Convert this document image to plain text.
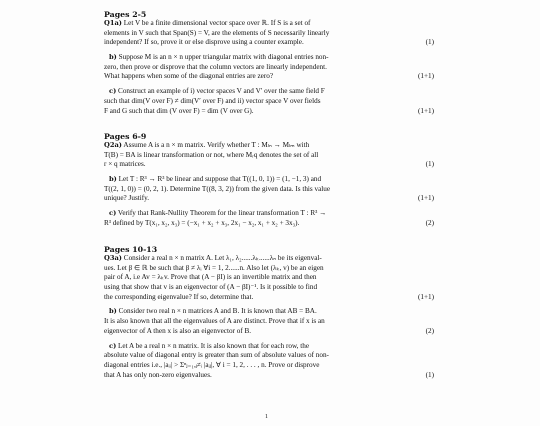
Pages 2-5
Q1a) Let V be a finite dimensional vector space over ℝ. If S is a set of
elements in V such that Span(S) = V, are the elements of S necessarily linearly
independent? If so, prove it or else disprove using a counter example.	(1)
b) Suppose M is an n × n upper triangular matrix with diagonal entries non-
zero, then prove or disprove that the column vectors are linearly independent.
What happens when some of the diagonal entries are zero?	(1+1)
c) Construct an example of i) vector spaces V and V′ over the same field F
such that dim(V over F) ≠ dim(V′ over F) and ii) vector space V over fields
F and G such that dim (V over F) = dim (V over G).	(1+1)
Pages 6-9
Q2a) Assume A is a n × m matrix. Verify whether T : Mₗₙ → Mₗₘ with
T(B) = BA is linear transformation or not, where Mᵣq denotes the set of all
r × q matrices.	(1)
b) Let T : R³ → R³ be linear and suppose that T((1, 0, 1)) = (1, −1, 3) and
T((2, 1, 0)) = (0, 2, 1). Determine T((8, 3, 2)) from the given data. Is this value
unique? Justify.	(1+1)
c) Verify that Rank-Nullity Theorem for the linear transformation T : R³ →
R³ defined by T(x₁, x₂, x₃) = (−x₁ + x₂ + x₃, 2x₁ − x₂, x₁ + x₂ + 3x₃).	(2)
Pages 10-13
Q3a) Consider a real n × n matrix A. Let λ₁, λ₂......λₖ......λₙ be its eigenval-
ues. Let β ∈ ℝ be such that β ≠ λᵢ ∀i = 1, 2......n. Also let (λₖ, v) be an eigen
pair of A, i.e Av = λₖv. Prove that (A − βI) is an invertible matrix and then
using that show that v is an eigenvector of (A − βI)⁻¹. Is it possible to find
the corresponding eigenvalue? If so, determine that.	(1+1)
b) Consider two real n × n matrices A and B. It is known that AB = BA.
It is also known that all the eigenvalues of A are distinct. Prove that if x is an
eigenvector of A then x is also an eigenvector of B.	(2)
c) Let A be a real n × n matrix. It is also known that for each row, the
absolute value of diagonal entry is greater than sum of absolute values of non-
diagonal entries i.e., |aᵢᵢ| > Σⁿⱼ₌₁,ⱼ≠ᵢ |aᵢⱼ|, ∀ i = 1, 2, . . . , n. Prove or disprove
that A has only non-zero eigenvalues.	(1)
1
